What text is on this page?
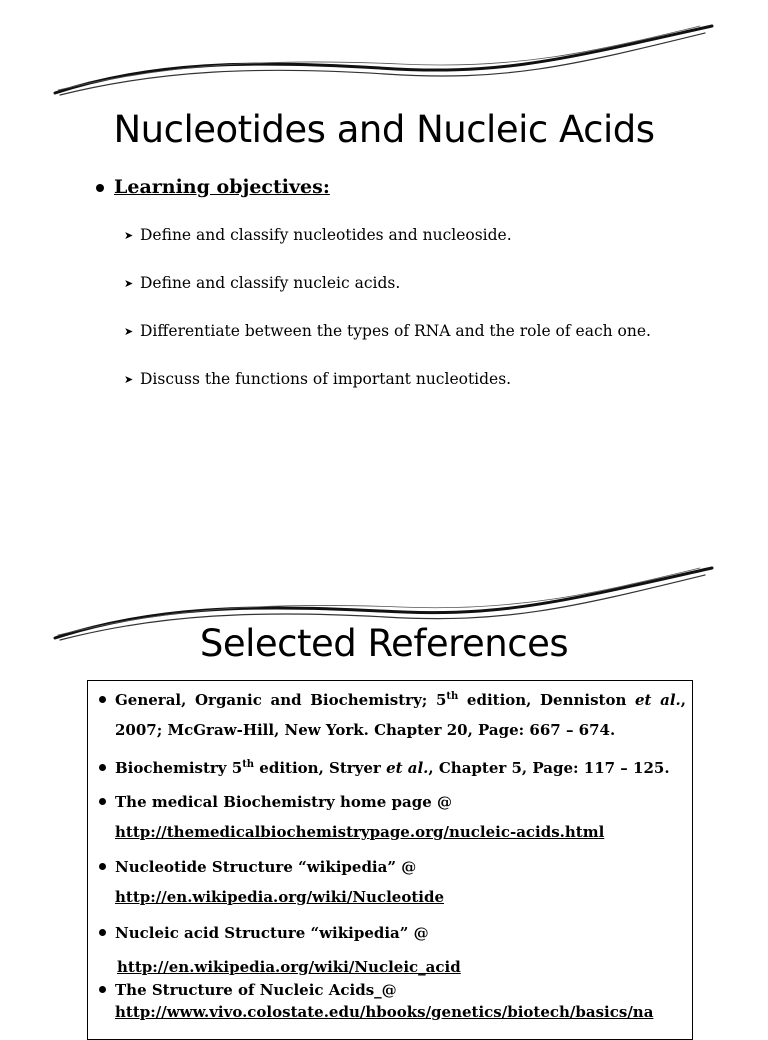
Nucleotides and Nucleic Acids
Learning objectives:
➤ Define and classify nucleotides and nucleoside.
➤ Define and classify nucleic acids.
➤ Differentiate between the types of RNA and the role of each one.
➤ Discuss the functions of important nucleotides.
Selected References
General, Organic and Biochemistry; 5th edition, Denniston et al.,
2007; McGraw-Hill, New York. Chapter 20, Page: 667 – 674.
Biochemistry 5th edition, Stryer et al., Chapter 5, Page: 117 – 125.
The medical Biochemistry home page @
http://themedicalbiochemistrypage.org/nucleic-acids.html
Nucleotide Structure “wikipedia” @
http://en.wikipedia.org/wiki/Nucleotide
Nucleic acid Structure “wikipedia” @
http://en.wikipedia.org/wiki/Nucleic_acid
The Structure of Nucleic Acids_@
http://www.vivo.colostate.edu/hbooks/genetics/biotech/basics/na
